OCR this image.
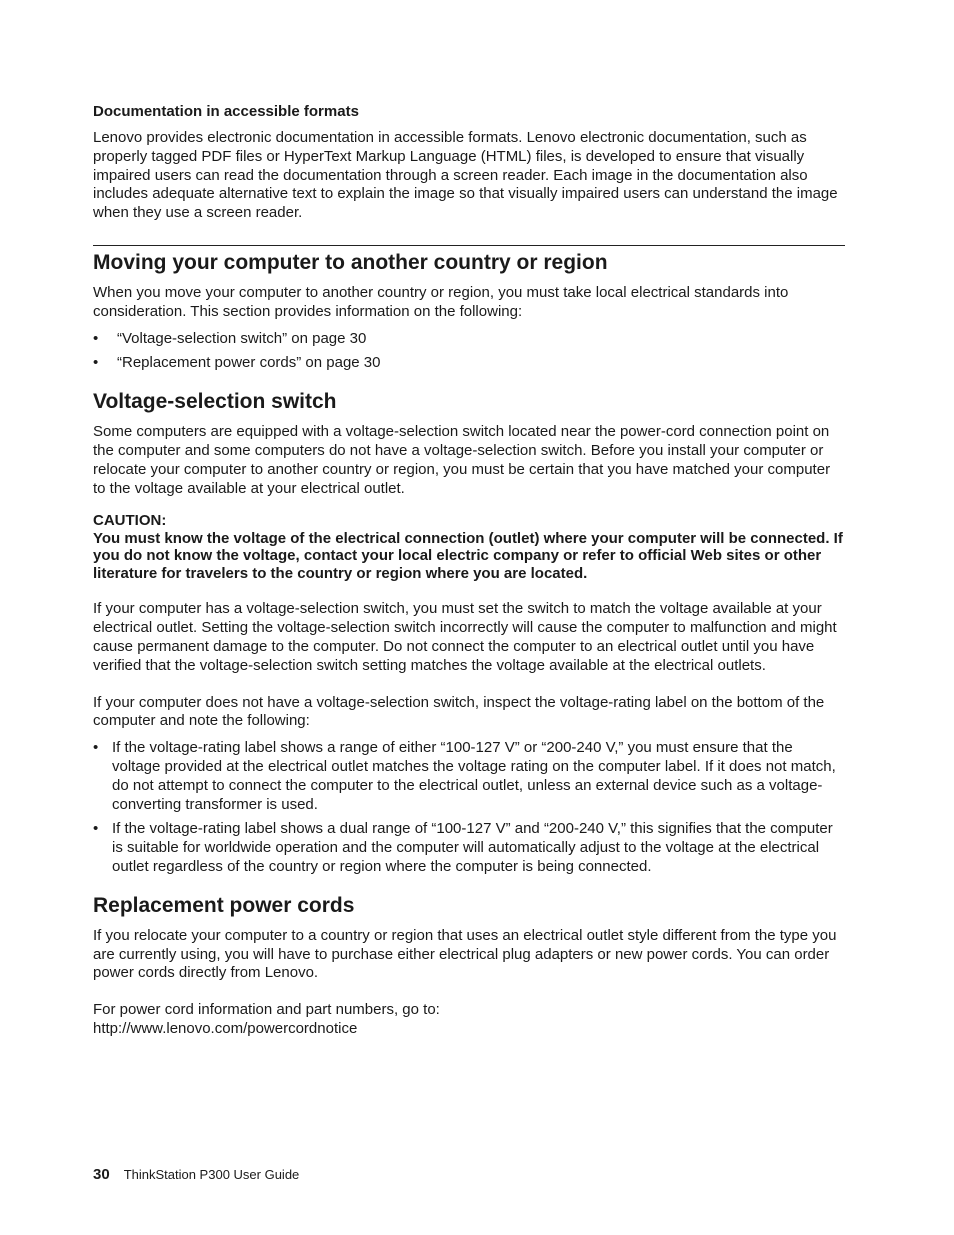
Documentation in accessible formats

Lenovo provides electronic documentation in accessible formats. Lenovo electronic documentation, such as properly tagged PDF files or HyperText Markup Language (HTML) files, is developed to ensure that visually impaired users can read the documentation through a screen reader. Each image in the documentation also includes adequate alternative text to explain the image so that visually impaired users can understand the image when they use a screen reader.

Moving your computer to another country or region

When you move your computer to another country or region, you must take local electrical standards into consideration. This section provides information on the following:

• “Voltage-selection switch” on page 30
• “Replacement power cords” on page 30
Voltage-selection switch

Some computers are equipped with a voltage-selection switch located near the power-cord connection point on the computer and some computers do not have a voltage-selection switch. Before you install your computer or relocate your computer to another country or region, you must be certain that you have matched your computer to the voltage available at your electrical outlet.

CAUTION:
You must know the voltage of the electrical connection (outlet) where your computer will be connected. If you do not know the voltage, contact your local electric company or refer to official Web sites or other literature for travelers to the country or region where you are located.

If your computer has a voltage-selection switch, you must set the switch to match the voltage available at your electrical outlet. Setting the voltage-selection switch incorrectly will cause the computer to malfunction and might cause permanent damage to the computer. Do not connect the computer to an electrical outlet until you have verified that the voltage-selection switch setting matches the voltage available at the electrical outlets.

If your computer does not have a voltage-selection switch, inspect the voltage-rating label on the bottom of the computer and note the following:

• If the voltage-rating label shows a range of either “100-127 V” or “200-240 V,” you must ensure that the voltage provided at the electrical outlet matches the voltage rating on the computer label. If it does not match, do not attempt to connect the computer to the electrical outlet, unless an external device such as a voltage-converting transformer is used.
• If the voltage-rating label shows a dual range of “100-127 V” and “200-240 V,” this signifies that the computer is suitable for worldwide operation and the computer will automatically adjust to the voltage at the electrical outlet regardless of the country or region where the computer is being connected.
Replacement power cords

If you relocate your computer to a country or region that uses an electrical outlet style different from the type you are currently using, you will have to purchase either electrical plug adapters or new power cords. You can order power cords directly from Lenovo.

For power cord information and part numbers, go to:

http://www.lenovo.com/powercordnotice

30 ThinkStation P300 User Guide
